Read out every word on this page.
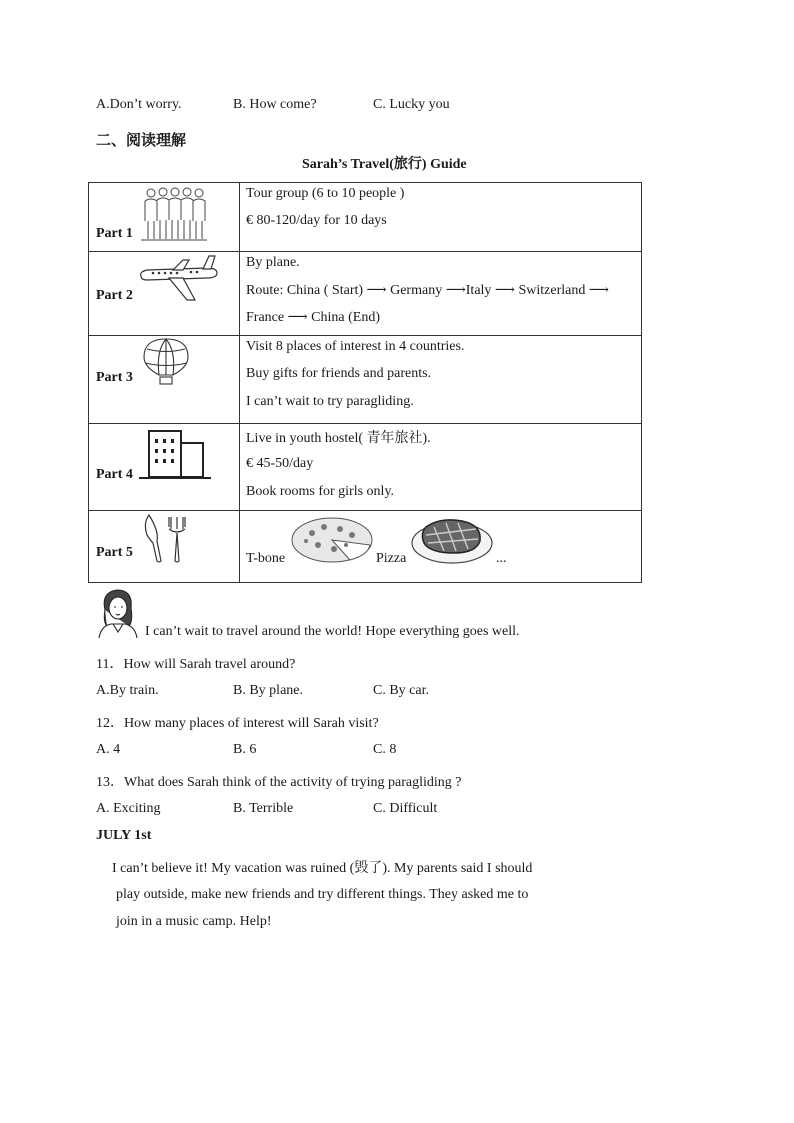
A.Don’t worry.	B. How come?	C. Lucky you
二、阅读理解
Sarah’s Travel(旅行) Guide
Part 1	Tour group (6 to 10 people )
€ 80-120/day for 10 days

Part 2	By plane.
Route: China ( Start) ⟶ Germany ⟶Italy ⟶ Switzerland ⟶
France ⟶ China (End)

Part 3	Visit 8 places of interest in 4 countries.
Buy gifts for friends and parents.
I can’t wait to try paragliding.

Part 4	Live in youth hostel( 青年旅社).
€ 45-50/day
Book rooms for girls only.

Part 5	T-bone Pizza ...
I can’t wait to travel around the world! Hope everything goes well.
11．How will Sarah travel around?
A.By train.	B. By plane.	C. By car.
12．How many places of interest will Sarah visit?
A. 4	B. 6	C. 8
13．What does Sarah think of the activity of trying paragliding ?
A. Exciting	B. Terrible	C. Difficult
JULY 1st
I can’t believe it! My vacation was ruined (毁了). My parents said I should
play outside, make new friends and try different things. They asked me to
join in a music camp. Help!
